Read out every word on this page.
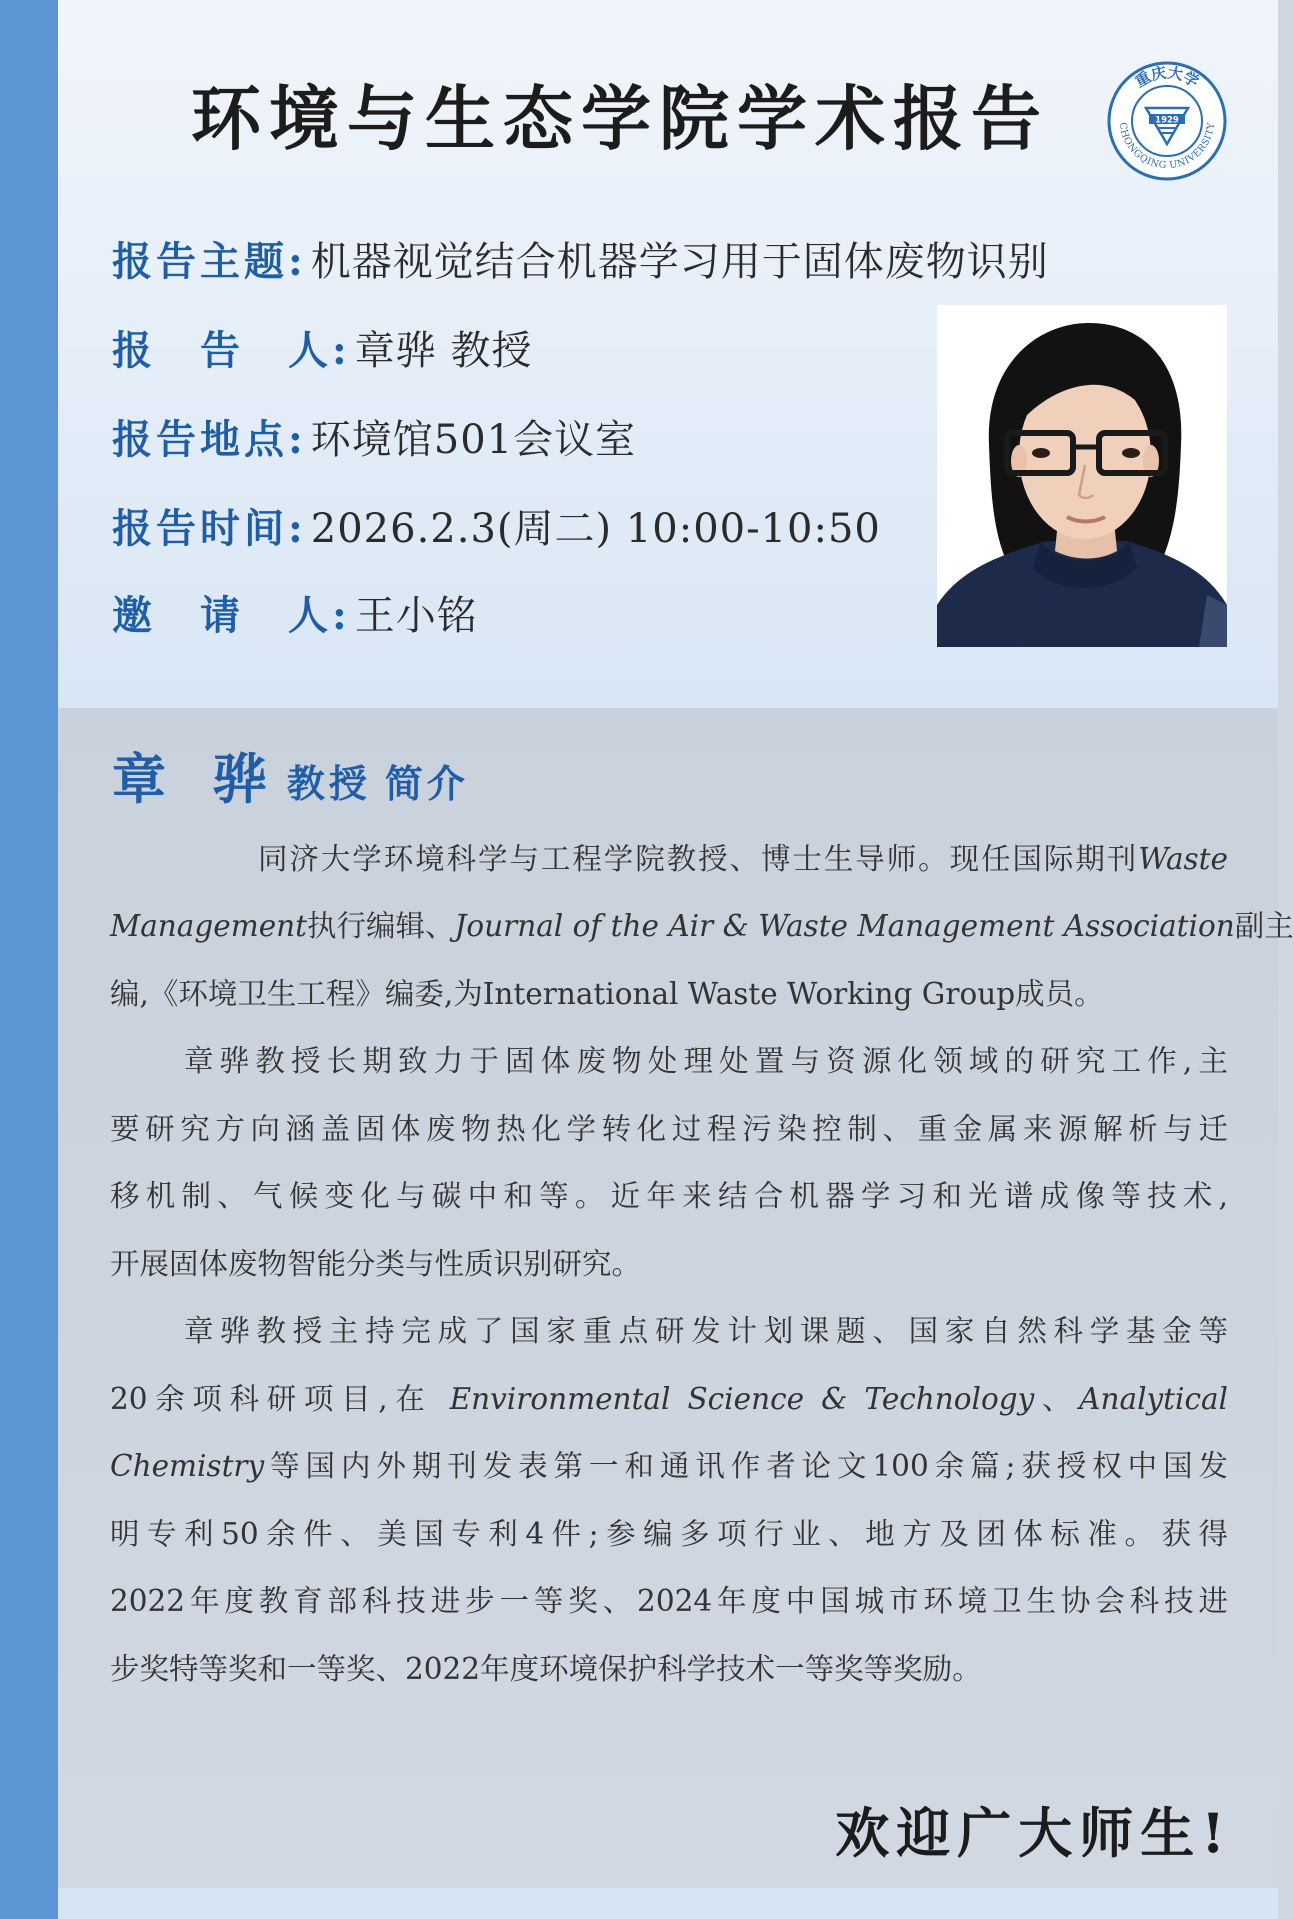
环境与生态学院学术报告	重庆大学
CHONGQING UNIVERSITY
1929
报告主题: 机器视觉结合机器学习用于固体废物识别
报　告　人: 章骅 教授
报告地点: 环境馆501会议室
报告时间: 2026.2.3(周二) 10:00-10:50
邀　请　人: 王小铭
章 骅 教授 简介
同济大学环境科学与工程学院教授、博士生导师。现任国际期刊Waste
Management执行编辑、Journal of the Air & Waste Management Association副主
编,《环境卫生工程》编委,为International Waste Working Group成员。
章骅教授长期致力于固体废物处理处置与资源化领域的研究工作,主
要研究方向涵盖固体废物热化学转化过程污染控制、重金属来源解析与迁
移机制、气候变化与碳中和等。近年来结合机器学习和光谱成像等技术,
开展固体废物智能分类与性质识别研究。
章骅教授主持完成了国家重点研发计划课题、国家自然科学基金等
20余项科研项目,在 Environmental Science & Technology、Analytical
Chemistry等国内外期刊发表第一和通讯作者论文100余篇;获授权中国发
明专利50余件、美国专利4件;参编多项行业、地方及团体标准。获得
2022年度教育部科技进步一等奖、2024年度中国城市环境卫生协会科技进
步奖特等奖和一等奖、2022年度环境保护科学技术一等奖等奖励。
欢迎广大师生!
